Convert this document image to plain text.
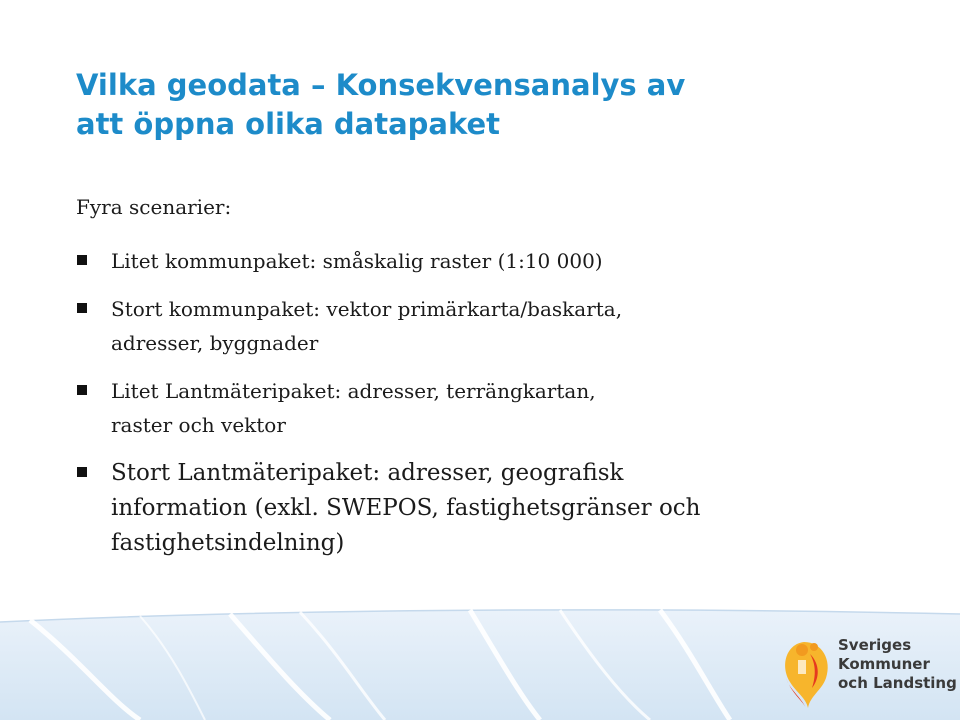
Vilka geodata – Konsekvensanalys av
att öppna olika datapaket
Fyra scenarier:
Litet kommunpaket: småskalig raster (1:10 000)
Stort kommunpaket: vektor primärkarta/baskarta,
adresser, byggnader
Litet Lantmäteripaket: adresser, terrängkartan,
raster och vektor
Stort Lantmäteripaket: adresser, geografisk
information (exkl. SWEPOS, fastighetsgränser och
fastighetsindelning)
Sveriges
Kommuner
och Landsting
